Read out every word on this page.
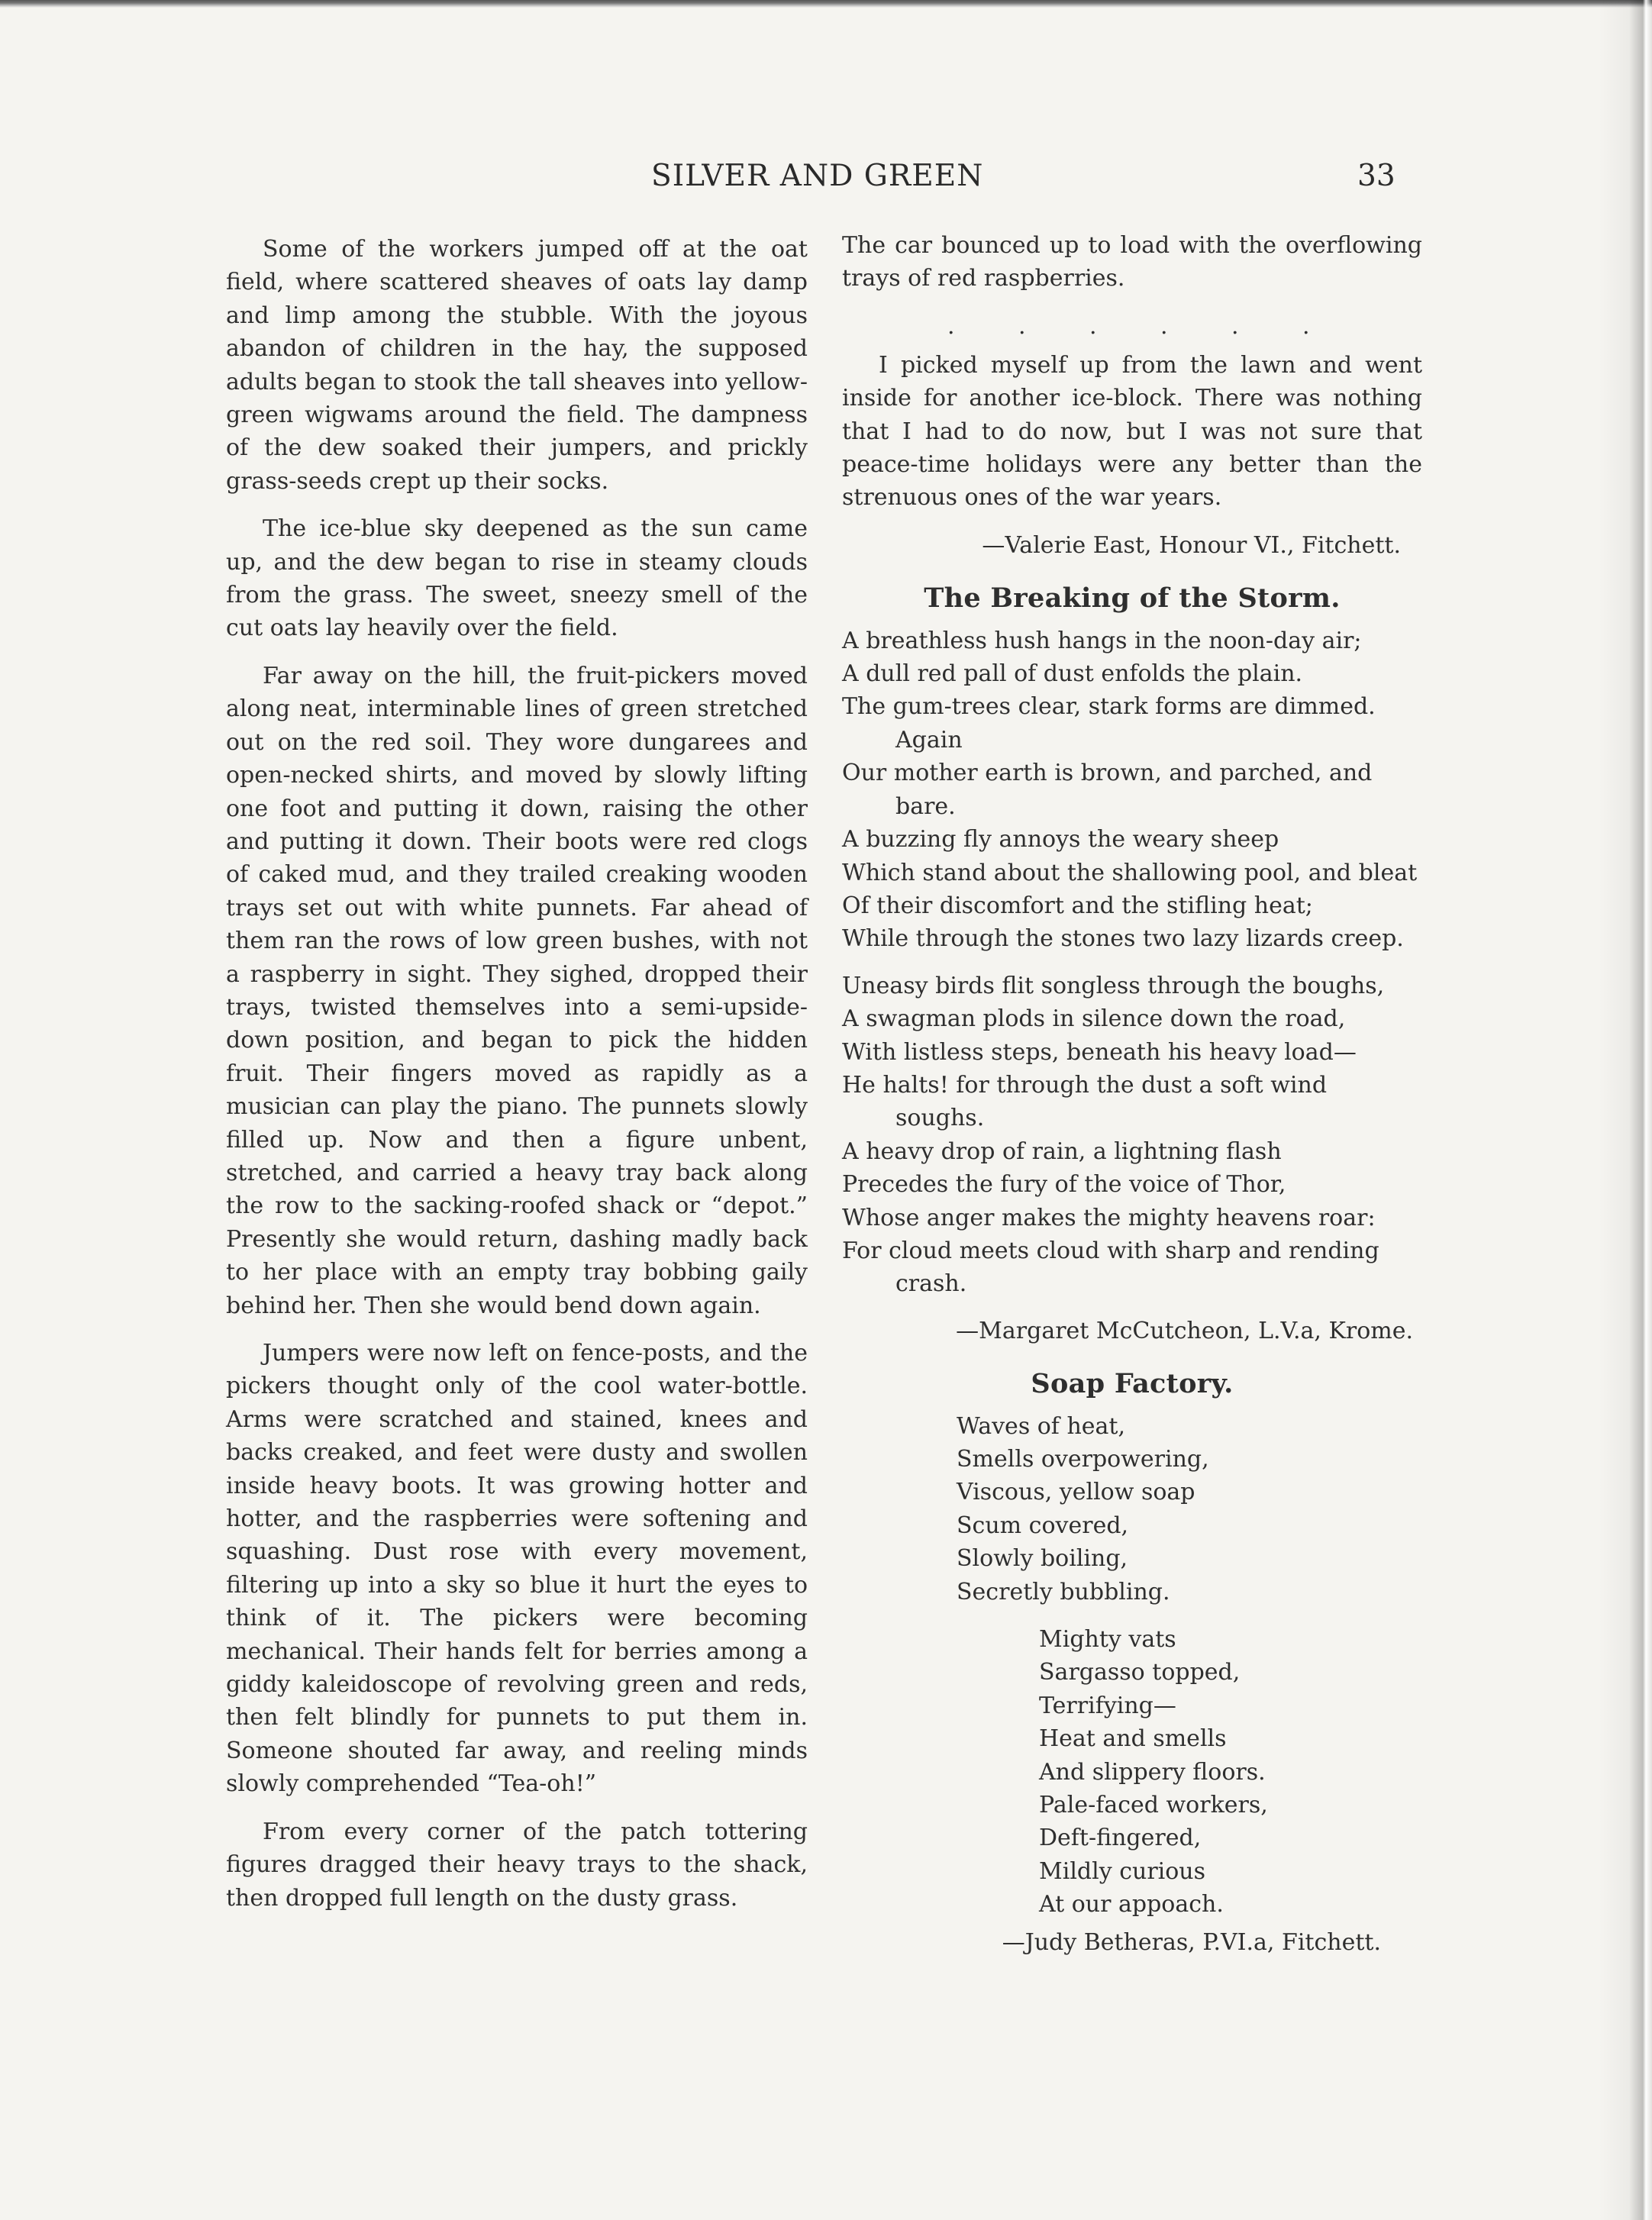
SILVER AND GREEN	33

Some of the workers jumped off at the oat field, where scattered sheaves of oats lay damp and limp among the stubble. With the joyous abandon of children in the hay, the supposed adults began to stook the tall sheaves into yellow-green wigwams around the field. The dampness of the dew soaked their jumpers, and prickly grass-seeds crept up their socks.

The ice-blue sky deepened as the sun came up, and the dew began to rise in steamy clouds from the grass. The sweet, sneezy smell of the cut oats lay heavily over the field.

Far away on the hill, the fruit-pickers moved along neat, interminable lines of green stretched out on the red soil. They wore dungarees and open-necked shirts, and moved by slowly lifting one foot and putting it down, raising the other and putting it down. Their boots were red clogs of caked mud, and they trailed creaking wooden trays set out with white punnets. Far ahead of them ran the rows of low green bushes, with not a raspberry in sight. They sighed, dropped their trays, twisted themselves into a semi-upside-down position, and began to pick the hidden fruit. Their fingers moved as rapidly as a musician can play the piano. The punnets slowly filled up. Now and then a figure unbent, stretched, and carried a heavy tray back along the row to the sacking-roofed shack or “depot.” Presently she would return, dashing madly back to her place with an empty tray bobbing gaily behind her. Then she would bend down again.

Jumpers were now left on fence-posts, and the pickers thought only of the cool water-bottle. Arms were scratched and stained, knees and backs creaked, and feet were dusty and swollen inside heavy boots. It was growing hotter and hotter, and the raspberries were softening and squashing. Dust rose with every movement, filtering up into a sky so blue it hurt the eyes to think of it. The pickers were becoming mechanical. Their hands felt for berries among a giddy kaleidoscope of revolving green and reds, then felt blindly for punnets to put them in. Someone shouted far away, and reeling minds slowly comprehended “Tea-oh!”

From every corner of the patch tottering figures dragged their heavy trays to the shack, then dropped full length on the dusty grass.

The car bounced up to load with the overflowing trays of red raspberries.

.	.	.	.	.	.

I picked myself up from the lawn and went inside for another ice-block. There was nothing that I had to do now, but I was not sure that peace-time holidays were any better than the strenuous ones of the war years.

—Valerie East, Honour VI., Fitchett.
The Breaking of the Storm.
A breathless hush hangs in the noon-day air;
A dull red pall of dust enfolds the plain.
The gum-trees clear, stark forms are dimmed. Again
Our mother earth is brown, and parched, and bare.
A buzzing fly annoys the weary sheep
Which stand about the shallowing pool, and bleat
Of their discomfort and the stifling heat;
While through the stones two lazy lizards creep.
Uneasy birds flit songless through the boughs,
A swagman plods in silence down the road,
With listless steps, beneath his heavy load—
He halts! for through the dust a soft wind soughs.
A heavy drop of rain, a lightning flash
Precedes the fury of the voice of Thor,
Whose anger makes the mighty heavens roar:
For cloud meets cloud with sharp and rending crash.
—Margaret McCutcheon, L.V.a, Krome.
Soap Factory.
Waves of heat,
Smells overpowering,
Viscous, yellow soap
Scum covered,
Slowly boiling,
Secretly bubbling.
Mighty vats
Sargasso topped,
Terrifying—
Heat and smells
And slippery floors.
Pale-faced workers,
Deft-fingered,
Mildly curious
At our appoach.
—Judy Betheras, P.VI.a, Fitchett.
